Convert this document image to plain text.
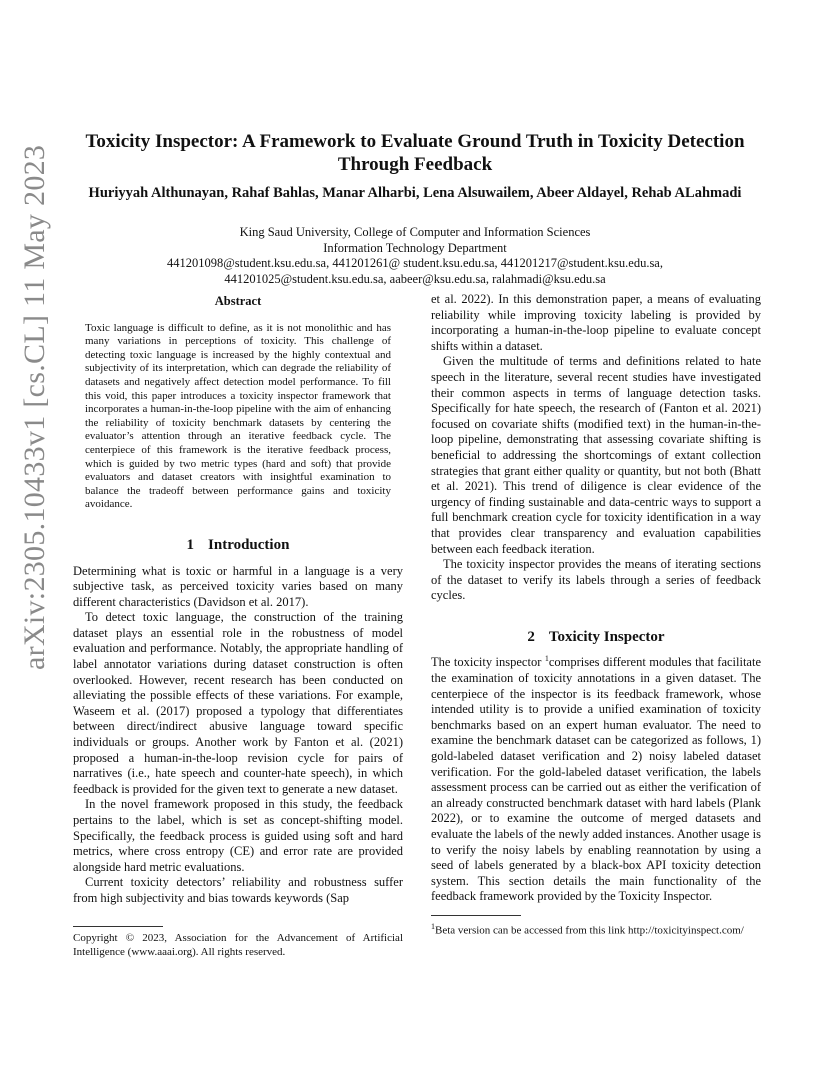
arXiv:2305.10433v1 [cs.CL] 11 May 2023
Toxicity Inspector: A Framework to Evaluate Ground Truth in Toxicity Detection Through Feedback
Huriyyah Althunayan, Rahaf Bahlas, Manar Alharbi, Lena Alsuwailem, Abeer Aldayel, Rehab ALahmadi
King Saud University, College of Computer and Information Sciences
Information Technology Department
441201098@student.ksu.edu.sa, 441201261@ student.ksu.edu.sa, 441201217@student.ksu.edu.sa,
441201025@student.ksu.edu.sa, aabeer@ksu.edu.sa, ralahmadi@ksu.edu.sa
Abstract

Toxic language is difficult to define, as it is not monolithic and has many variations in perceptions of toxicity. This challenge of detecting toxic language is increased by the highly contextual and subjectivity of its interpretation, which can degrade the reliability of datasets and negatively affect detection model performance. To fill this void, this paper introduces a toxicity inspector framework that incorporates a human-in-the-loop pipeline with the aim of enhancing the reliability of toxicity benchmark datasets by centering the evaluator’s attention through an iterative feedback cycle. The centerpiece of this framework is the iterative feedback process, which is guided by two metric types (hard and soft) that provide evaluators and dataset creators with insightful examination to balance the tradeoff between performance gains and toxicity avoidance.

1 Introduction

Determining what is toxic or harmful in a language is a very subjective task, as perceived toxicity varies based on many different characteristics (Davidson et al. 2017).

To detect toxic language, the construction of the training dataset plays an essential role in the robustness of model evaluation and performance. Notably, the appropriate handling of label annotator variations during dataset construction is often overlooked. However, recent research has been conducted on alleviating the possible effects of these variations. For example, Waseem et al. (2017) proposed a typology that differentiates between direct/indirect abusive language toward specific individuals or groups. Another work by Fanton et al. (2021) proposed a human-in-the-loop revision cycle for pairs of narratives (i.e., hate speech and counter-hate speech), in which feedback is provided for the given text to generate a new dataset.

In the novel framework proposed in this study, the feedback pertains to the label, which is set as concept-shifting model. Specifically, the feedback process is guided using soft and hard metrics, where cross entropy (CE) and error rate are provided alongside hard metric evaluations.

Current toxicity detectors’ reliability and robustness suffer from high subjectivity and bias towards keywords (Sap

Copyright © 2023, Association for the Advancement of Artificial Intelligence (www.aaai.org). All rights reserved.

et al. 2022). In this demonstration paper, a means of evaluating reliability while improving toxicity labeling is provided by incorporating a human-in-the-loop pipeline to evaluate concept shifts within a dataset.

Given the multitude of terms and definitions related to hate speech in the literature, several recent studies have investigated their common aspects in terms of language detection tasks. Specifically for hate speech, the research of (Fanton et al. 2021) focused on covariate shifts (modified text) in the human-in-the-loop pipeline, demonstrating that assessing covariate shifting is beneficial to addressing the shortcomings of extant collection strategies that grant either quality or quantity, but not both (Bhatt et al. 2021). This trend of diligence is clear evidence of the urgency of finding sustainable and data-centric ways to support a full benchmark creation cycle for toxicity identification in a way that provides clear transparency and evaluation capabilities between each feedback iteration.

The toxicity inspector provides the means of iterating sections of the dataset to verify its labels through a series of feedback cycles.

2 Toxicity Inspector

The toxicity inspector $^1$comprises different modules that facilitate the examination of toxicity annotations in a given dataset. The centerpiece of the inspector is its feedback framework, whose intended utility is to provide a unified examination of toxicity benchmarks based on an expert human evaluator. The need to examine the benchmark dataset can be categorized as follows, 1) gold-labeled dataset verification and 2) noisy labeled dataset verification. For the gold-labeled dataset verification, the labels assessment process can be carried out as either the verification of an already constructed benchmark dataset with hard labels (Plank 2022), or to examine the outcome of merged datasets and evaluate the labels of the newly added instances. Another usage is to verify the noisy labels by enabling reannotation by using a seed of labels generated by a black-box API toxicity detection system. This section details the main functionality of the feedback framework provided by the Toxicity Inspector.

$^1$Beta version can be accessed from this link http://toxicityinspect.com/
